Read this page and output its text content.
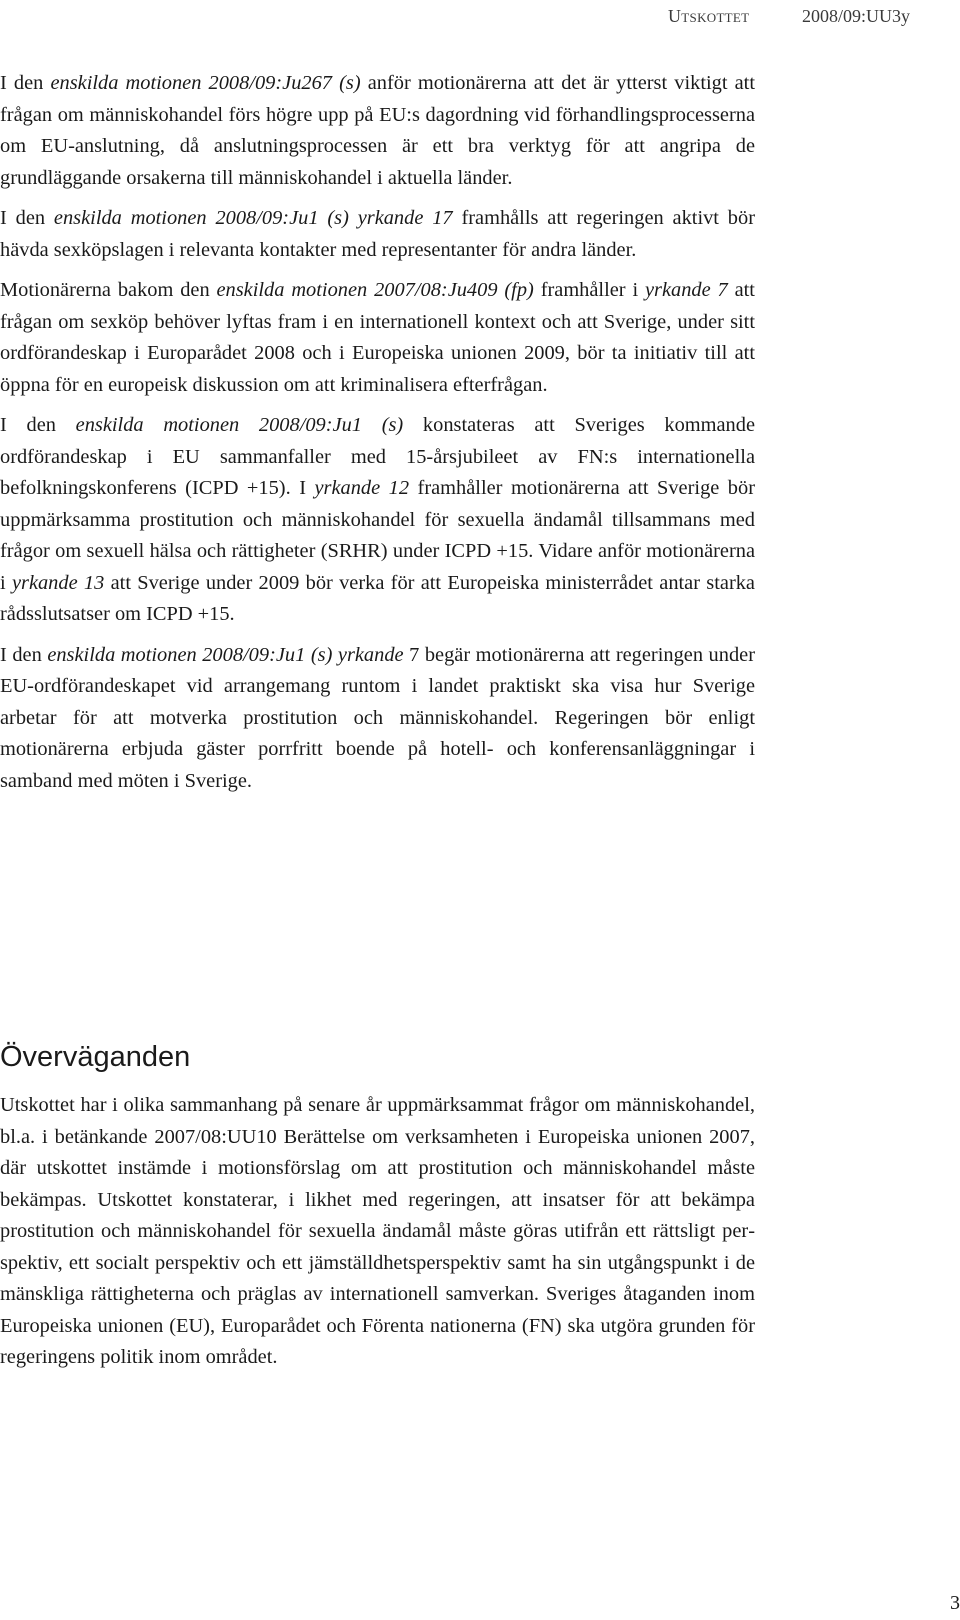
Utskottet	2008/09:UU3y

I den enskilda motionen 2008/09:Ju267 (s) anför motionärerna att det är ytterst viktigt att frågan om människohandel förs högre upp på EU:s dagordning vid förhandlingsprocesserna om EU-anslutning, då anslutningsprocessen är ett bra verktyg för att angripa de grundläggande orsakerna till människohandel i aktuella länder.

I den enskilda motionen 2008/09:Ju1 (s) yrkande 17 framhålls att regeringen aktivt bör hävda sexköpslagen i relevanta kontakter med representanter för andra länder.

Motionärerna bakom den enskilda motionen 2007/08:Ju409 (fp) framhåller i yrkande 7 att frågan om sexköp behöver lyftas fram i en internationell kontext och att Sverige, under sitt ordförandeskap i Europarådet 2008 och i Europeiska unionen 2009, bör ta initiativ till att öppna för en europeisk diskussion om att kriminalisera efterfrågan.

I den enskilda motionen 2008/09:Ju1 (s) konstateras att Sveriges kommande ordförandeskap i EU sammanfaller med 15-årsjubileet av FN:s internationella befolkningskonferens (ICPD +15). I yrkande 12 framhåller motionärerna att Sverige bör uppmärksamma prostitution och människohandel för sexuella ändamål tillsammans med frågor om sexuell hälsa och rättigheter (SRHR) under ICPD +15. Vidare anför motionärerna i yrkande 13 att Sverige under 2009 bör verka för att Europeiska ministerrådet antar starka rådsslutsatser om ICPD +15.

I den enskilda motionen 2008/09:Ju1 (s) yrkande 7 begär motionärerna att regeringen under EU-ordförandeskapet vid arrangemang runtom i landet praktiskt ska visa hur Sverige arbetar för att motverka prostitution och människohandel. Regeringen bör enligt motionärerna erbjuda gäster porrfritt boende på hotell- och konferensanläggningar i samband med möten i Sverige.

Överväganden

Utskottet har i olika sammanhang på senare år uppmärksammat frågor om människohandel, bl.a. i betänkande 2007/08:UU10 Berättelse om verksamheten i Europeiska unionen 2007, där utskottet instämde i motionsförslag om att prostitution och människohandel måste bekämpas. Utskottet konstaterar, i likhet med regeringen, att insatser för att bekämpa prostitution och människohandel för sexuella ändamål måste göras utifrån ett rättsligt perspektiv, ett socialt perspektiv och ett jämställdhetsperspektiv samt ha sin utgångspunkt i de mänskliga rättigheterna och präglas av internationell samverkan. Sveriges åtaganden inom Europeiska unionen (EU), Europarådet och Förenta nationerna (FN) ska utgöra grunden för regeringens politik inom området.

3
